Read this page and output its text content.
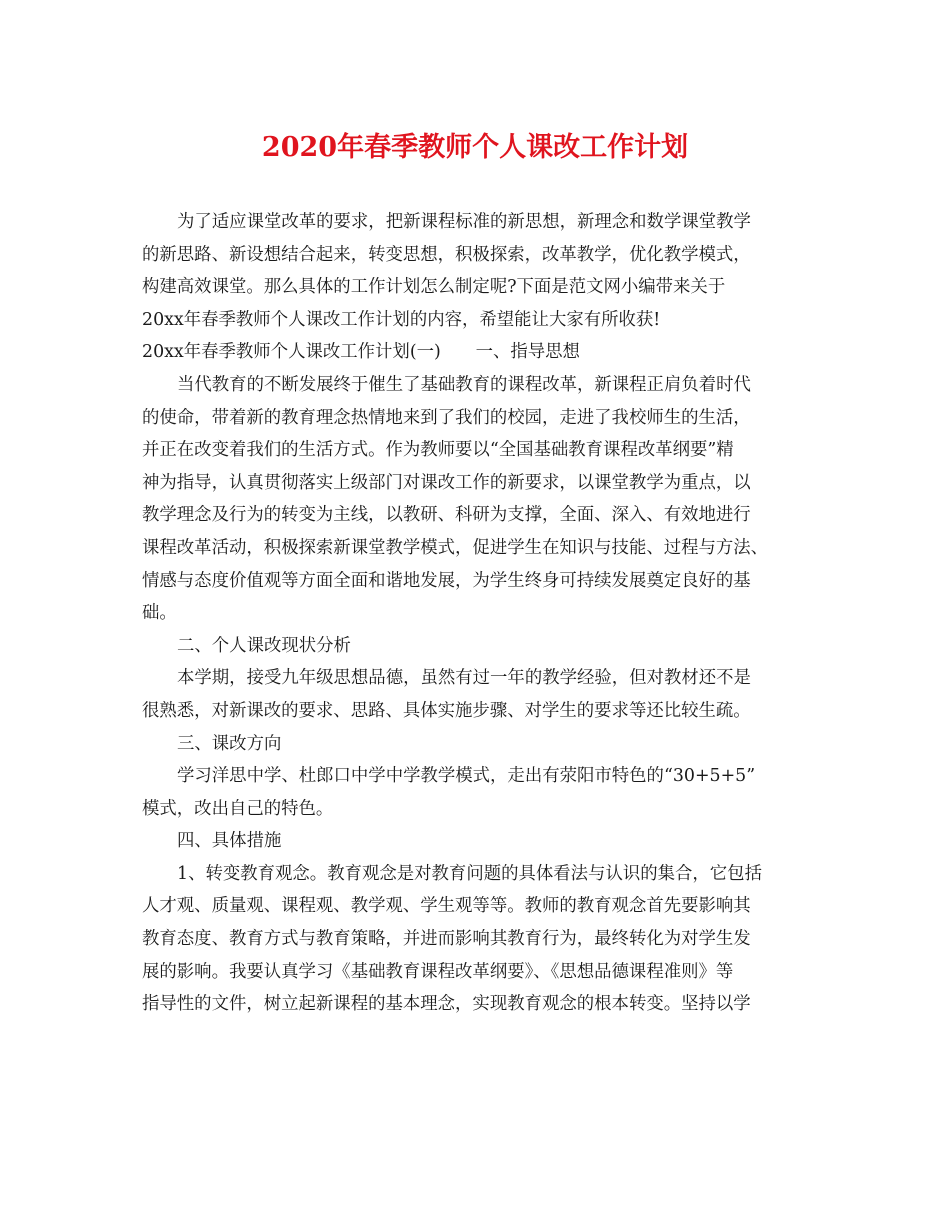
2020年春季教师个人课改工作计划
为了适应课堂改革的要求，把新课程标准的新思想，新理念和数学课堂教学
的新思路、新设想结合起来，转变思想，积极探索，改革教学，优化教学模式，
构建高效课堂。那么具体的工作计划怎么制定呢?下面是范文网小编带来关于
20xx年春季教师个人课改工作计划的内容，希望能让大家有所收获!
20xx年春季教师个人课改工作计划(一)　　一、指导思想
当代教育的不断发展终于催生了基础教育的课程改革，新课程正肩负着时代
的使命，带着新的教育理念热情地来到了我们的校园，走进了我校师生的生活，
并正在改变着我们的生活方式。作为教师要以“全国基础教育课程改革纲要”精
神为指导，认真贯彻落实上级部门对课改工作的新要求，以课堂教学为重点，以
教学理念及行为的转变为主线，以教研、科研为支撑，全面、深入、有效地进行
课程改革活动，积极探索新课堂教学模式，促进学生在知识与技能、过程与方法、
情感与态度价值观等方面全面和谐地发展，为学生终身可持续发展奠定良好的基
础。
二、个人课改现状分析
本学期，接受九年级思想品德，虽然有过一年的教学经验，但对教材还不是
很熟悉，对新课改的要求、思路、具体实施步骤、对学生的要求等还比较生疏。
三、课改方向
学习洋思中学、杜郎口中学中学教学模式，走出有荥阳市特色的“30+5+5”
模式，改出自己的特色。
四、具体措施
1、转变教育观念。教育观念是对教育问题的具体看法与认识的集合，它包括
人才观、质量观、课程观、教学观、学生观等等。教师的教育观念首先要影响其
教育态度、教育方式与教育策略，并进而影响其教育行为，最终转化为对学生发
展的影响。我要认真学习《基础教育课程改革纲要》、《思想品德课程准则》等
指导性的文件，树立起新课程的基本理念，实现教育观念的根本转变。坚持以学
